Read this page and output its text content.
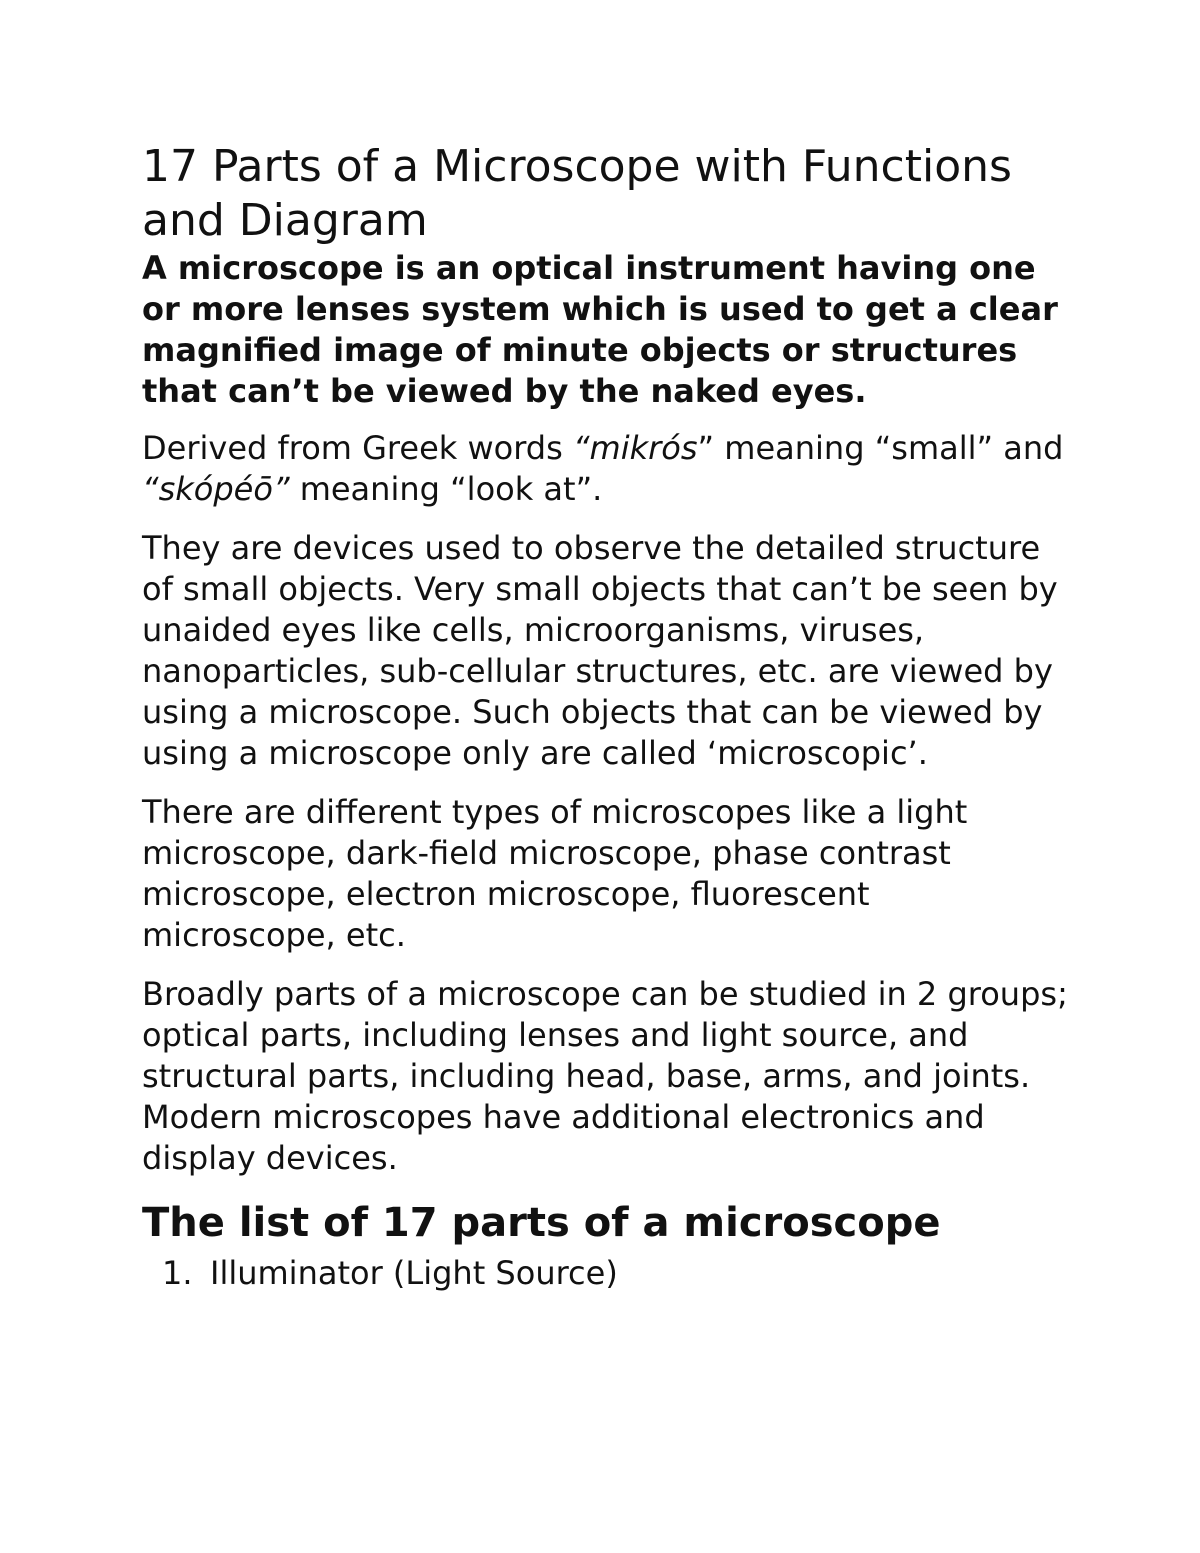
17 Parts of a Microscope with Functions and Diagram

A microscope is an optical instrument having one or more lenses system which is used to get a clear magnified image of minute objects or structures that can’t be viewed by the naked eyes.

Derived from Greek words “mikrós” meaning “small” and “skópéō” meaning “look at”.

They are devices used to observe the detailed structure of small objects. Very small objects that can’t be seen by unaided eyes like cells, microorganisms, viruses, nanoparticles, sub-cellular structures, etc. are viewed by using a microscope. Such objects that can be viewed by using a microscope only are called ‘microscopic’.

There are different types of microscopes like a light microscope, dark-field microscope, phase contrast microscope, electron microscope, fluorescent microscope, etc.

Broadly parts of a microscope can be studied in 2 groups; optical parts, including lenses and light source, and structural parts, including head, base, arms, and joints. Modern microscopes have additional electronics and display devices.

The list of 17 parts of a microscope
1. Illuminator (Light Source)
